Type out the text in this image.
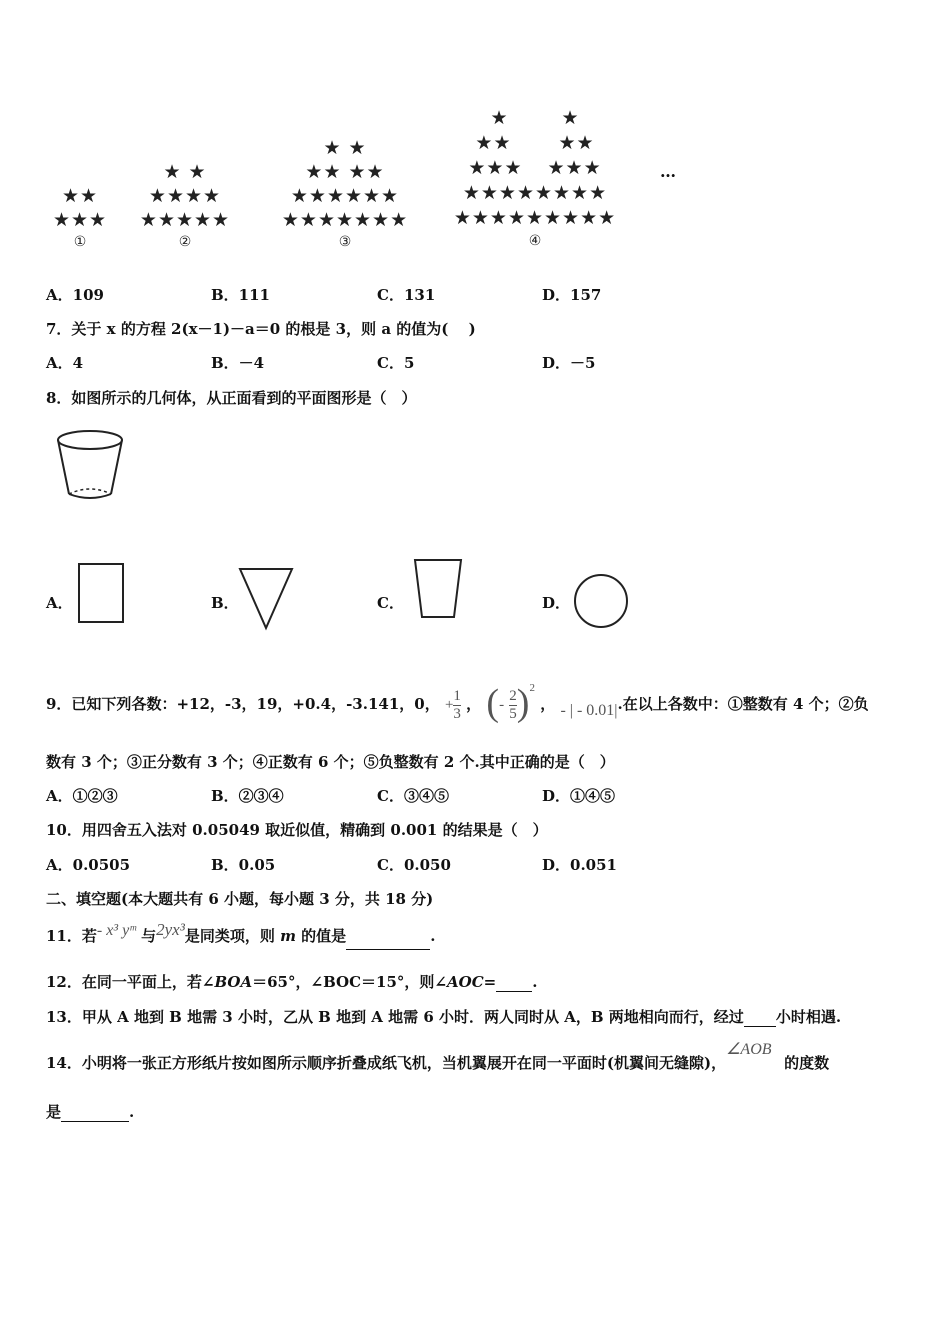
★★
★★★
①
★ ★
★★★★
★★★★★
②
★ ★
★★ ★★
★★★★★★
★★★★★★★
③
★ ★
★★ ★★
★★★ ★★★
★★★★★★★★
★★★★★★★★★
④
…
A．109	B．111	C．131	D．157
7．关于 x 的方程 2(x－1)－a＝0 的根是 3，则 a 的值为(　 )
A．4	B．－4	C．5	D．－5
8．如图所示的几何体，从正面看到的平面图形是（　）
A．	B．	C．	D．
9．已知下列各数：+12，-3，19，+0.4，-3.141，0， + $\frac{1}{3}$ ， (- $\frac{2}{5} )^2$ ， - | - 0.01|.在以上各数中：①整数有 4 个；②负
数有 3 个；③正分数有 3 个；④正数有 6 个；⑤负整数有 2 个.其中正确的是（　）
A．①②③	B．②③④	C．③④⑤	D．①④⑤
10．用四舍五入法对 0.05049 取近似值，精确到 0.001 的结果是（　）
A．0.0505	B．0.05	C．0.050	D．0.051
二、填空题(本大题共有 6 小题，每小题 3 分，共 18 分)
11．若- x³ yᵐ 与2yx³是同类项，则 m 的值是	.
12．在同一平面上，若∠BOA＝65°，∠BOC＝15°，则∠AOC= .
13．甲从 A 地到 B 地需 3 小时，乙从 B 地到 A 地需 6 小时．两人同时从 A，B 两地相向而行，经过 小时相遇.
14．小明将一张正方形纸片按如图所示顺序折叠成纸飞机，当机翼展开在同一平面时(机翼间无缝隙)，∠AOB的度数
是	.
